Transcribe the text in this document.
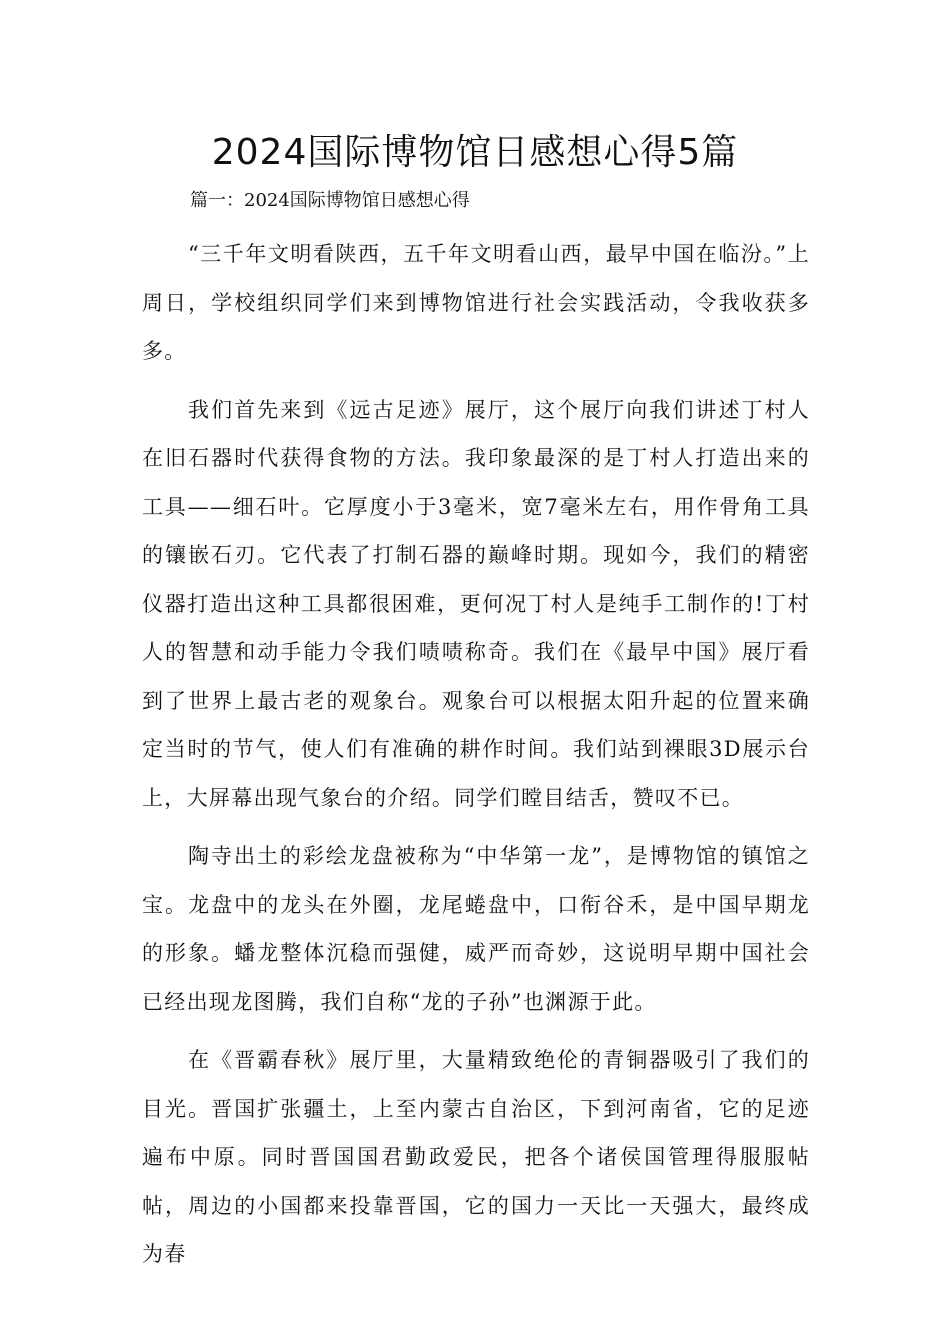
2024国际博物馆日感想心得5篇

篇一：2024国际博物馆日感想心得

“三千年文明看陕西，五千年文明看山西，最早中国在临汾。”上周日，学校组织同学们来到博物馆进行社会实践活动，令我收获多多。

我们首先来到《远古足迹》展厅，这个展厅向我们讲述丁村人在旧石器时代获得食物的方法。我印象最深的是丁村人打造出来的工具——细石叶。它厚度小于3毫米，宽7毫米左右，用作骨角工具的镶嵌石刃。它代表了打制石器的巅峰时期。现如今，我们的精密仪器打造出这种工具都很困难，更何况丁村人是纯手工制作的!丁村人的智慧和动手能力令我们啧啧称奇。我们在《最早中国》展厅看到了世界上最古老的观象台。观象台可以根据太阳升起的位置来确定当时的节气，使人们有准确的耕作时间。我们站到裸眼3D展示台上，大屏幕出现气象台的介绍。同学们瞠目结舌，赞叹不已。

陶寺出土的彩绘龙盘被称为“中华第一龙”，是博物馆的镇馆之宝。龙盘中的龙头在外圈，龙尾蜷盘中，口衔谷禾，是中国早期龙的形象。蟠龙整体沉稳而强健，威严而奇妙，这说明早期中国社会已经出现龙图腾，我们自称“龙的子孙”也渊源于此。

在《晋霸春秋》展厅里，大量精致绝伦的青铜器吸引了我们的目光。晋国扩张疆土，上至内蒙古自治区，下到河南省，它的足迹遍布中原。同时晋国国君勤政爱民，把各个诸侯国管理得服服帖帖，周边的小国都来投靠晋国，它的国力一天比一天强大，最终成为春
